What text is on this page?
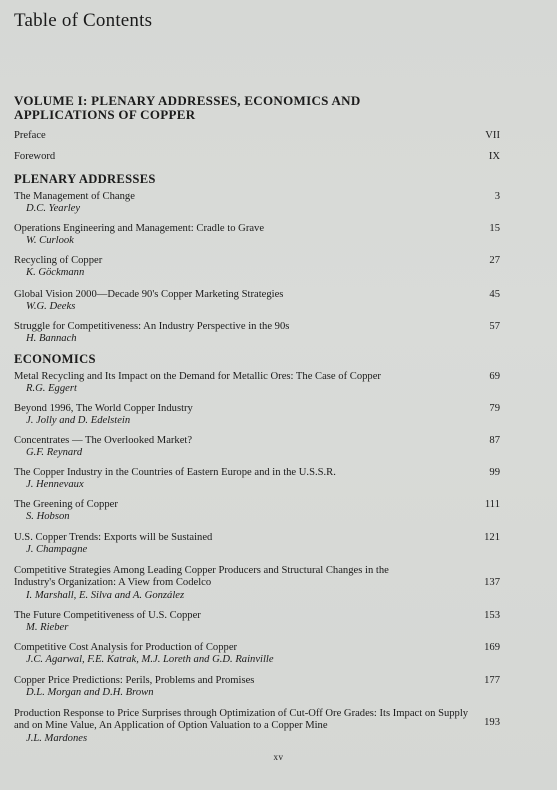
Table of Contents
VOLUME I: PLENARY ADDRESSES, ECONOMICS AND APPLICATIONS OF COPPER
Preface	VII
Foreword	IX
PLENARY ADDRESSES
The Management of Change
D.C. Yearley
3
Operations Engineering and Management: Cradle to Grave
W. Curlook
15
Recycling of Copper
K. Göckmann
27
Global Vision 2000—Decade 90's Copper Marketing Strategies
W.G. Deeks
45
Struggle for Competitiveness: An Industry Perspective in the 90s
H. Bannach
57
ECONOMICS
Metal Recycling and Its Impact on the Demand for Metallic Ores: The Case of Copper
R.G. Eggert
69
Beyond 1996, The World Copper Industry
J. Jolly and D. Edelstein
79
Concentrates — The Overlooked Market?
G.F. Reynard
87
The Copper Industry in the Countries of Eastern Europe and in the U.S.S.R.
J. Hennevaux
99
The Greening of Copper
S. Hobson
111
U.S. Copper Trends: Exports will be Sustained
J. Champagne
121
Competitive Strategies Among Leading Copper Producers and Structural Changes in the Industry's Organization: A View from Codelco
I. Marshall, E. Silva and A. González
137
The Future Competitiveness of U.S. Copper
M. Rieber
153
Competitive Cost Analysis for Production of Copper
J.C. Agarwal, F.E. Katrak, M.J. Loreth and G.D. Rainville
169
Copper Price Predictions: Perils, Problems and Promises
D.L. Morgan and D.H. Brown
177
Production Response to Price Surprises through Optimization of Cut-Off Ore Grades: Its Impact on Supply and on Mine Value, An Application of Option Valuation to a Copper Mine
J.L. Mardones
193
xv
